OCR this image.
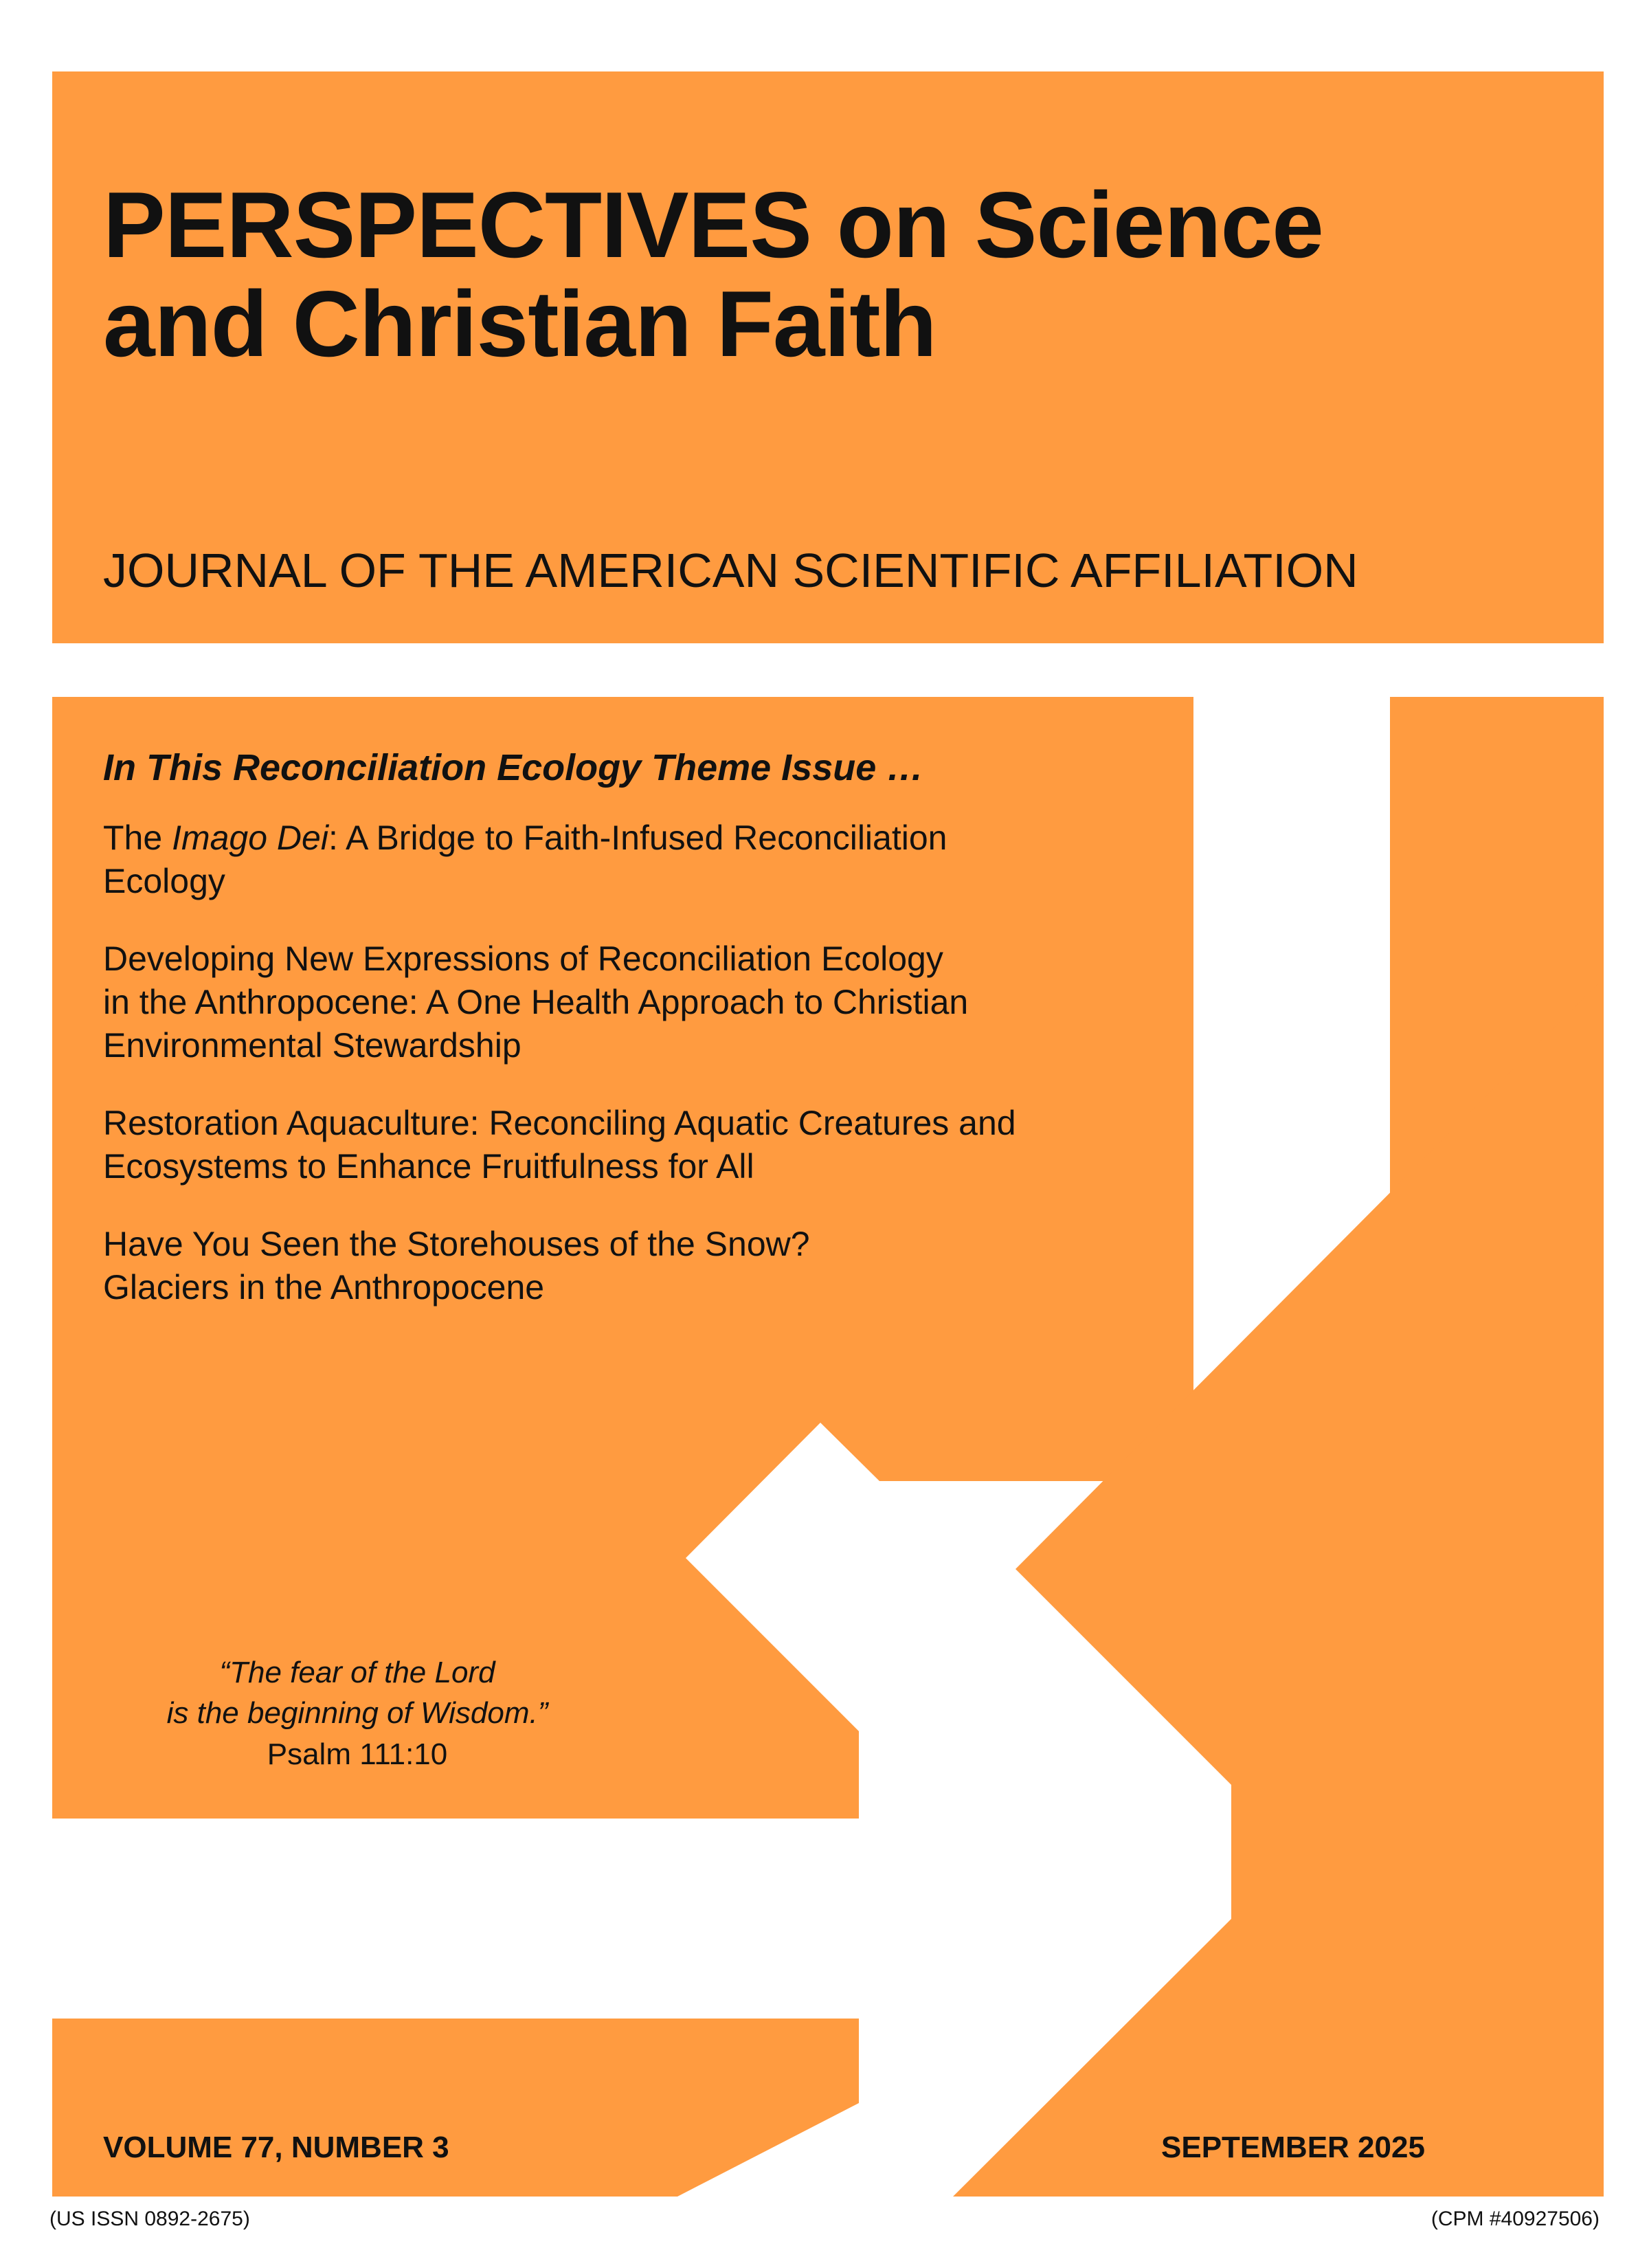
PERSPECTIVES on Science
and Christian Faith
JOURNAL OF THE AMERICAN SCIENTIFIC AFFILIATION
In This Reconciliation Ecology Theme Issue …
The Imago Dei: A Bridge to Faith-Infused Reconciliation
Ecology
Developing New Expressions of Reconciliation Ecology
in the Anthropocene: A One Health Approach to Christian
Environmental Stewardship
Restoration Aquaculture: Reconciling Aquatic Creatures and
Ecosystems to Enhance Fruitfulness for All
Have You Seen the Storehouses of the Snow?
Glaciers in the Anthropocene
“The fear of the Lord
is the beginning of Wisdom.”
Psalm 111:10
VOLUME 77, NUMBER 3	SEPTEMBER 2025
(US ISSN 0892-2675)	(CPM #40927506)
